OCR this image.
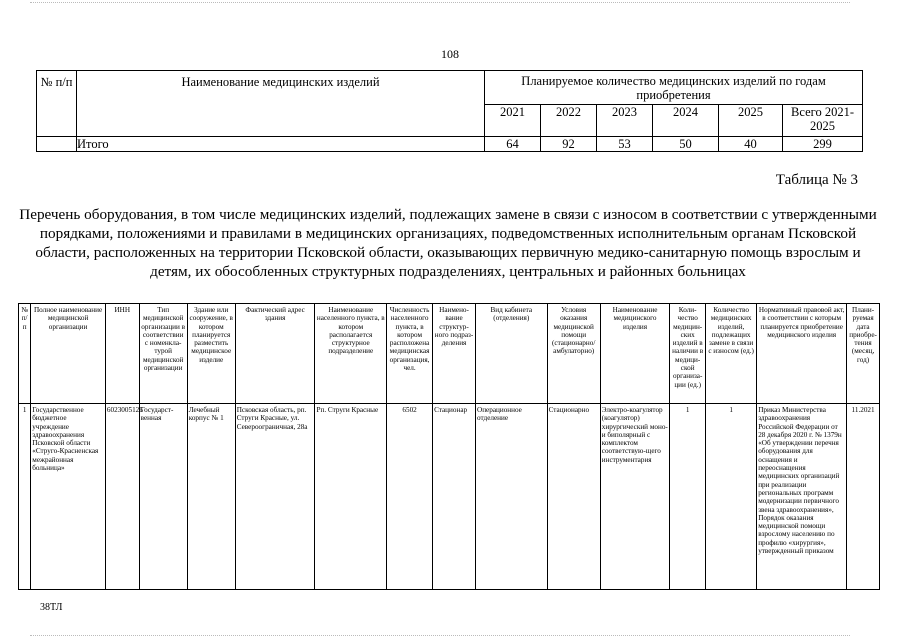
108
№ п/п	Наименование медицинских изделий	Планируемое количество медицинских изделий по годам приобретения					
		2021	2022	2023	2024	2025	Всего 2021-2025
	Итого	64	92	53	50	40	299
Таблица № 3
Перечень оборудования, в том числе медицинских изделий, подлежащих замене в связи с износом в соответствии с утвержденными порядками, положениями и правилами в медицинских организациях, подведомственных исполнительным органам Псковской области, расположенных на территории Псковской области, оказывающих первичную медико-санитарную помощь взрослым и детям, их обособленных структурных подразделениях, центральных и районных больницах
№ п/п	Полное наименование медицинской организации	ИНН	Тип медицинской организации в соответствии с номенкла-турой медицинской организации	Здание или сооружение, в котором планируется разместить медицинское изделие	Фактический адрес здания	Наименование населенного пункта, в котором располагается структурное подразделение	Численность населенного пункта, в котором расположена медицинская организация, чел.	Наимено-вание структур-ного подраз-деления	Вид кабинета (отделения)	Условия оказания медицинской помощи (стационарно/ амбулаторно)	Наименование медицинского изделия	Коли-чество медицин-ских изделий в наличии в медици-ской организа-ции (ед.)	Количество медицинских изделий, подлежащих замене в связи с износом (ед.)	Нормативный правовой акт, в соответствии с которым планируется приобретение медицинского изделия	Плани-руемая дата приобре-тения (месяц, год)
1	Государственное бюджетное учреждение здравоохранения Псковской области «Струго-Красненская межрайонная больница»	6023005126	Государст-венная	Лечебный корпус № 1	Псковская область, рп. Струги Красные, ул. Североограничная, 28а	Рп. Струги Красные	6502	Стационар	Операционное отделение	Стационарно	Электро-коагулятор (коагулятор) хирургический моно- и биполярный с комплектом соответствую-щего инструментария	1	1	Приказ Министерства здравоохранения Российской Федерации от 28 декабря 2020 г. № 1379н «Об утверждении перечня оборудования для оснащения и переоснащения медицинских организаций при реализации региональных программ модернизации первичного звена здравоохранения», Порядок оказания медицинской помощи взрослому населению по профилю «хирургия», утвержденный приказом	11.2021
38ТЛ
